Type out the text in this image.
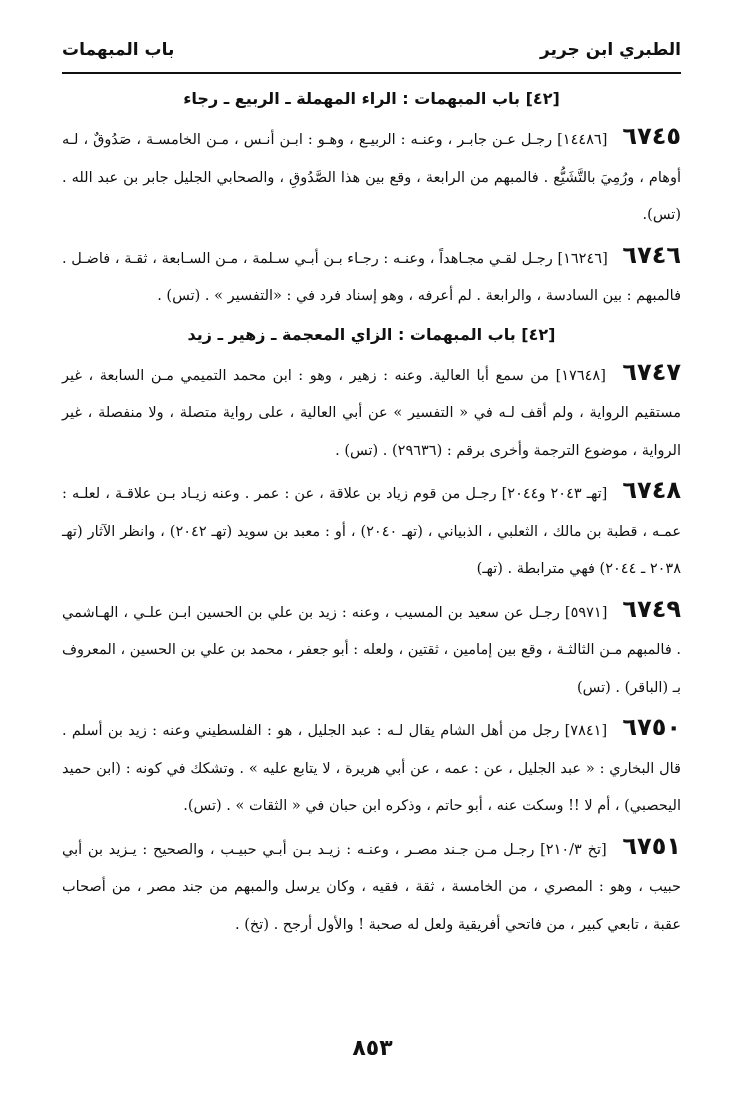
الطبري ابن جرير
باب المبهمات
[٤٢] باب المبهمات : الراء المهملة ـ الربيع ـ رجاء

٦٧٤٥ [١٤٤٨٦] رجـل عـن جابـر ، وعنـه : الربيـع ، وهـو : ابـن أنـس ، مـن الخامسـة ، صَدُوقٌ ، لـه أوهام ، ورُمِيَ بالتَّشَيُّع . فالمبهم من الرابعة ، وقع بين هذا الصَّدُوقِ ، والصحابي الجليل جابر بن عبد الله . (تس).

٦٧٤٦ [١٦٢٤٦] رجـل لقـي مجـاهداً ، وعنـه : رجـاء بـن أبـي سـلمة ، مـن السـابعة ، ثقـة ، فاضـل . فالمبهم : بين السادسة ، والرابعة . لم أعرفه ، وهو إسناد فرد في : «التفسير » . (تس) .

[٤٢] باب المبهمات : الزاي المعجمة ـ زهير ـ زيد

٦٧٤٧ [١٧٦٤٨] من سمع أبا العالية. وعنه : زهير ، وهو : ابن محمد التميمي مـن السابعة ، غير مستقيم الرواية ، ولم أقف لـه في « التفسير » عن أبي العالية ، على رواية متصلة ، ولا منفصلة ، غير الرواية ، موضوع الترجمة وأخرى برقم : (٢٩٦٣٦) . (تس) .

٦٧٤٨ [تهـ ٢٠٤٣ و٢٠٤٤] رجـل من قوم زياد بن علاقة ، عن : عمر . وعنه زيـاد بـن علاقـة ، لعلـه : عمـه ، قطبة بن مالك ، الثعلبي ، الذبياني ، (تهـ ٢٠٤٠) ، أو : معبد بن سويد (تهـ ٢٠٤٢) ، وانظر الآثار (تهـ ٢٠٣٨ ـ ٢٠٤٤) فهي مترابطة . (تهـ)

٦٧٤٩ [٥٩٧١] رجـل عن سعيد بن المسيب ، وعنه : زيد بن علي بن الحسين ابـن علـي ، الهـاشمي . فالمبهم مـن الثالثـة ، وقع بين إمامين ، ثقتين ، ولعله : أبو جعفر ، محمد بن علي بن الحسين ، المعروف بـ (الباقر) . (تس)

٦٧٥٠ [٧٨٤١] رجل من أهل الشام يقال لـه : عبد الجليل ، هو : الفلسطيني وعنه : زيد بن أسلم . قال البخاري : « عبد الجليل ، عن : عمه ، عن أبي هريرة ، لا يتابع عليه » . وتشكك في كونه : (ابن حميد اليحصبي) ، أم لا !! وسكت عنه ، أبو حاتم ، وذكره ابن حبان في « الثقات » . (تس).

٦٧٥١ [تخ ٢١٠/٣] رجـل مـن جـند مصـر ، وعنـه : زيـد بـن أبـي حبيـب ، والصحيح : يـزيد بن أبي حبيب ، وهو : المصري ، من الخامسة ، ثقة ، فقيه ، وكان يرسل والمبهم من جند مصر ، من أصحاب عقبة ، تابعي كبير ، من فاتحي أفريقية ولعل له صحبة ! والأول أرجح . (تخ) .

٨٥٣
